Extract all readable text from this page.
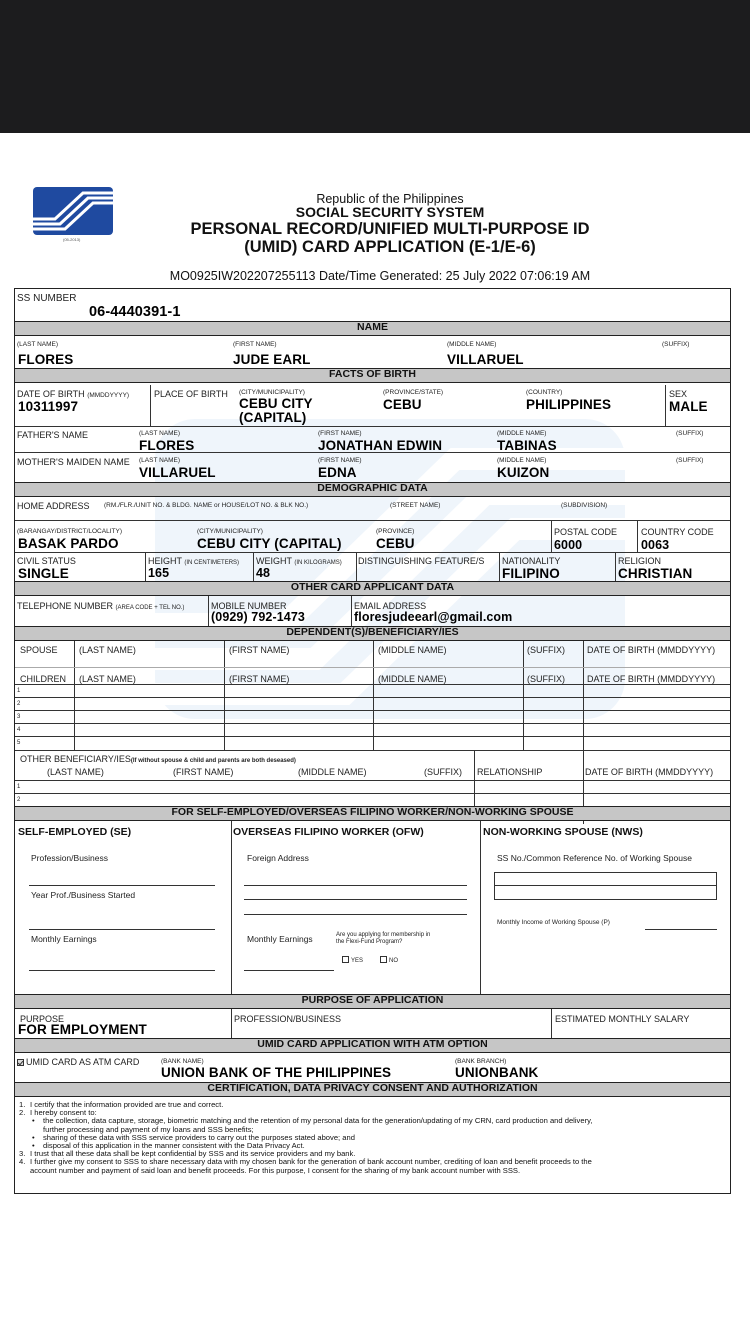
(05-2013)
Republic of the Philippines
SOCIAL SECURITY SYSTEM
PERSONAL RECORD/UNIFIED MULTI-PURPOSE ID
(UMID) CARD APPLICATION (E-1/E-6)
MO0925IW202207255113 Date/Time Generated: 25 July 2022 07:06:19 AM
SS NUMBER
06-4440391-1
NAME
(LAST NAME)
FLORES
(FIRST NAME)
JUDE EARL
(MIDDLE NAME)
VILLARUEL
(SUFFIX)
FACTS OF BIRTH
DATE OF BIRTH (MMDDYYYY)
10311997
PLACE OF BIRTH (CITY/MUNICIPALITY)
CEBU CITY
(CAPITAL)
(PROVINCE/STATE)
CEBU
(COUNTRY)
PHILIPPINES
SEX
MALE
FATHER'S NAME	(LAST NAME)
FLORES
(FIRST NAME)
JONATHAN EDWIN
(MIDDLE NAME)
TABINAS
(SUFFIX)
MOTHER'S MAIDEN NAME (LAST NAME)
VILLARUEL
(FIRST NAME)
EDNA
(MIDDLE NAME)
KUIZON
(SUFFIX)
DEMOGRAPHIC DATA
HOME ADDRESS (RM./FLR./UNIT NO. & BLDG. NAME or HOUSE/LOT NO. & BLK NO.)	(STREET NAME)	(SUBDIVISION)
(BARANGAY/DISTRICT/LOCALITY)
BASAK PARDO
(CITY/MUNICIPALITY)
CEBU CITY (CAPITAL)
(PROVINCE)
CEBU
POSTAL CODE
6000
COUNTRY CODE
0063
CIVIL STATUS
SINGLE
HEIGHT (IN CENTIMETERS)
165
WEIGHT (IN KILOGRAMS)
48
DISTINGUISHING FEATURE/S NATIONALITY
FILIPINO
RELIGION
CHRISTIAN
OTHER CARD APPLICANT DATA
TELEPHONE NUMBER (AREA CODE + TEL NO.)	MOBILE NUMBER
(0929) 792-1473
EMAIL ADDRESS
floresjudeearl@gmail.com
DEPENDENT(S)/BENEFICIARY/IES
SPOUSE (LAST NAME)	(FIRST NAME)	(MIDDLE NAME)	(SUFFIX) DATE OF BIRTH (MMDDYYYY)
CHILDREN (LAST NAME)	(FIRST NAME)	(MIDDLE NAME)	(SUFFIX) DATE OF BIRTH (MMDDYYYY)
1
2
3
4
5
OTHER BENEFICIARY/IES(If without spouse & child and parents are both deseased)
(LAST NAME)	(FIRST NAME)	(MIDDLE NAME)	(SUFFIX) RELATIONSHIP	DATE OF BIRTH (MMDDYYYY)
1
2
FOR SELF-EMPLOYED/OVERSEAS FILIPINO WORKER/NON-WORKING SPOUSE
SELF-EMPLOYED (SE)
Profession/Business
Year Prof./Business Started
Monthly Earnings
OVERSEAS FILIPINO WORKER (OFW)
Foreign Address
Monthly Earnings	Are you applying for membership in
the Flexi-Fund Program?
YES	NO
NON-WORKING SPOUSE (NWS)
SS No./Common Reference No. of Working Spouse
Monthly Income of Working Spouse (P)
PURPOSE OF APPLICATION
PURPOSE
FOR EMPLOYMENT
PROFESSION/BUSINESS	ESTIMATED MONTHLY SALARY
UMID CARD APPLICATION WITH ATM OPTION
UMID CARD AS ATM CARD	(BANK NAME)
UNION BANK OF THE PHILIPPINES
(BANK BRANCH)
UNIONBANK
CERTIFICATION, DATA PRIVACY CONSENT AND AUTHORIZATION
1. I certify that the information provided are true and correct.
2. I hereby consent to:
• the collection, data capture, storage, biometric matching and the retention of my personal data for the generation/updating of my CRN, card production and delivery,
further processing and payment of my loans and SSS benefits;
• sharing of these data with SSS service providers to carry out the purposes stated above; and
• disposal of this application in the manner consistent with the Data Privacy Act.
3. I trust that all these data shall be kept confidential by SSS and its service providers and my bank.
4. I further give my consent to SSS to share necessary data with my chosen bank for the generation of bank account number, crediting of loan and benefit proceeds to the
account number and payment of said loan and benefit proceeds. For this purpose, I consent for the sharing of my bank account number with SSS.
